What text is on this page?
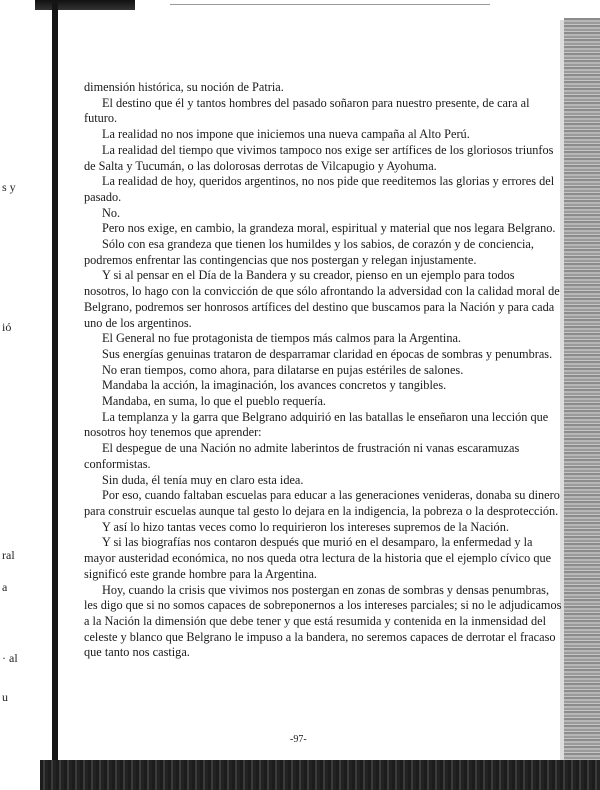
s y
ió
ral
a
· al
u

dimensión histórica, su noción de Patria.

El destino que él y tantos hombres del pasado soñaron para nuestro presente, de cara al futuro.

La realidad no nos impone que iniciemos una nueva campaña al Alto Perú.

La realidad del tiempo que vivimos tampoco nos exige ser artífices de los gloriosos triunfos de Salta y Tucumán, o las dolorosas derrotas de Vilcapugio y Ayohuma.

La realidad de hoy, queridos argentinos, no nos pide que reeditemos las glorias y errores del pasado.

No.

Pero nos exige, en cambio, la grandeza moral, espiritual y material que nos legara Belgrano.

Sólo con esa grandeza que tienen los humildes y los sabios, de corazón y de conciencia, podremos enfrentar las contingencias que nos postergan y relegan injustamente.

Y si al pensar en el Día de la Bandera y su creador, pienso en un ejemplo para todos nosotros, lo hago con la convicción de que sólo afrontando la adversidad con la calidad moral de Belgrano, podremos ser honrosos artífices del destino que buscamos para la Nación y para cada uno de los argentinos.

El General no fue protagonista de tiempos más calmos para la Argentina.

Sus energías genuinas trataron de desparramar claridad en épocas de sombras y penumbras.

No eran tiempos, como ahora, para dilatarse en pujas estériles de salones.

Mandaba la acción, la imaginación, los avances concretos y tangibles.

Mandaba, en suma, lo que el pueblo requería.

La templanza y la garra que Belgrano adquirió en las batallas le enseñaron una lección que nosotros hoy tenemos que aprender:

El despegue de una Nación no admite laberintos de frustración ni vanas escaramuzas conformistas.

Sin duda, él tenía muy en claro esta idea.

Por eso, cuando faltaban escuelas para educar a las generaciones venideras, donaba su dinero para construir escuelas aunque tal gesto lo dejara en la indigencia, la pobreza o la desprotección.

Y así lo hizo tantas veces como lo requirieron los intereses supremos de la Nación.

Y si las biografías nos contaron después que murió en el desamparo, la enfermedad y la mayor austeridad económica, no nos queda otra lectura de la historia que el ejemplo cívico que significó este grande hombre para la Argentina.

Hoy, cuando la crisis que vivimos nos postergan en zonas de sombras y densas penumbras, les digo que si no somos capaces de sobreponernos a los intereses parciales; si no le adjudicamos a la Nación la dimensión que debe tener y que está resumida y contenida en la inmensidad del celeste y blanco que Belgrano le impuso a la bandera, no seremos capaces de derrotar el fracaso que tanto nos castiga.

-97-
